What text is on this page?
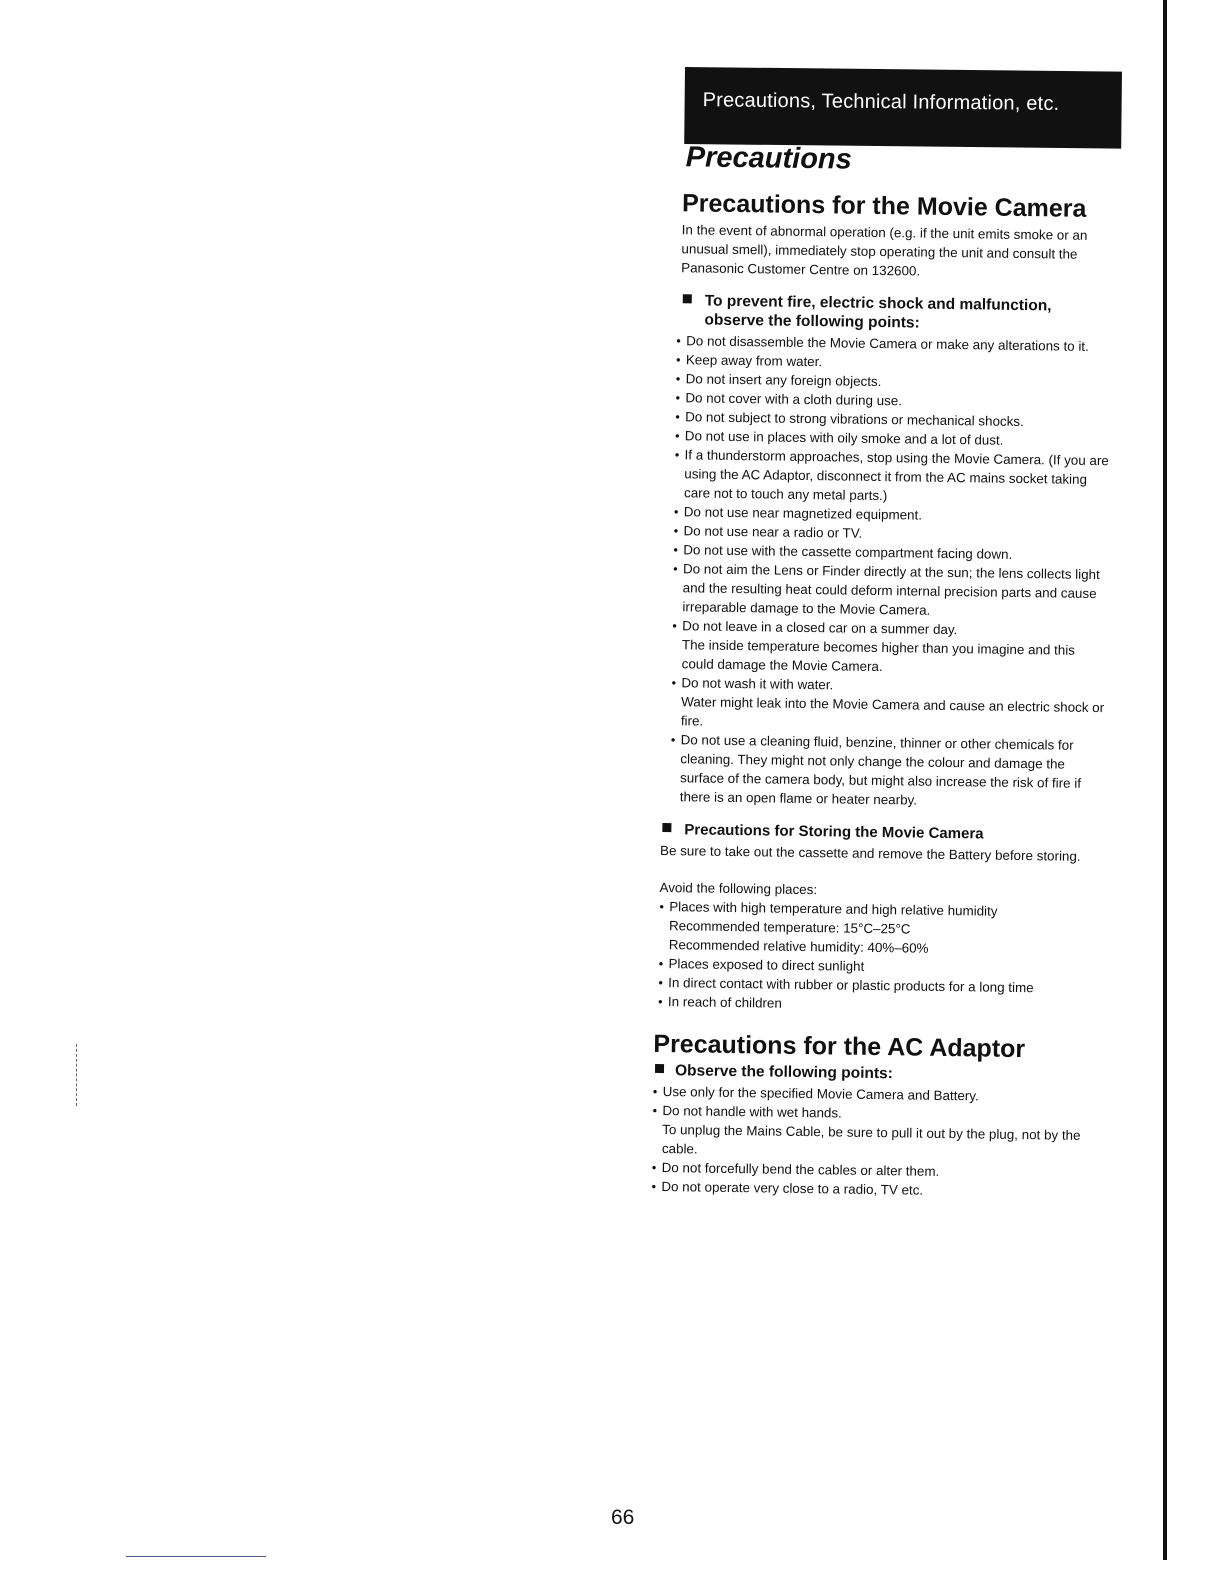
Precautions, Technical Information, etc.
Precautions
Precautions for the Movie Camera
In the event of abnormal operation (e.g. if the unit emits smoke or an unusual smell), immediately stop operating the unit and consult the Panasonic Customer Centre on 132600.
To prevent fire, electric shock and malfunction, observe the following points:
● Do not disassemble the Movie Camera or make any alterations to it.
● Keep away from water.
● Do not insert any foreign objects.
● Do not cover with a cloth during use.
● Do not subject to strong vibrations or mechanical shocks.
● Do not use in places with oily smoke and a lot of dust.
● If a thunderstorm approaches, stop using the Movie Camera. (If you are using the AC Adaptor, disconnect it from the AC mains socket taking care not to touch any metal parts.)
● Do not use near magnetized equipment.
● Do not use near a radio or TV.
● Do not use with the cassette compartment facing down.
● Do not aim the Lens or Finder directly at the sun; the lens collects light and the resulting heat could deform internal precision parts and cause irreparable damage to the Movie Camera.
● Do not leave in a closed car on a summer day.
The inside temperature becomes higher than you imagine and this could damage the Movie Camera.
● Do not wash it with water.
Water might leak into the Movie Camera and cause an electric shock or fire.
● Do not use a cleaning fluid, benzine, thinner or other chemicals for cleaning. They might not only change the colour and damage the surface of the camera body, but might also increase the risk of fire if there is an open flame or heater nearby.
Precautions for Storing the Movie Camera
Be sure to take out the cassette and remove the Battery before storing.
Avoid the following places:
● Places with high temperature and high relative humidity
Recommended temperature: 15°C–25°C
Recommended relative humidity: 40%–60%
● Places exposed to direct sunlight
● In direct contact with rubber or plastic products for a long time
● In reach of children
Precautions for the AC Adaptor
Observe the following points:
● Use only for the specified Movie Camera and Battery.
● Do not handle with wet hands.
To unplug the Mains Cable, be sure to pull it out by the plug, not by the cable.
● Do not forcefully bend the cables or alter them.
● Do not operate very close to a radio, TV etc.
66
